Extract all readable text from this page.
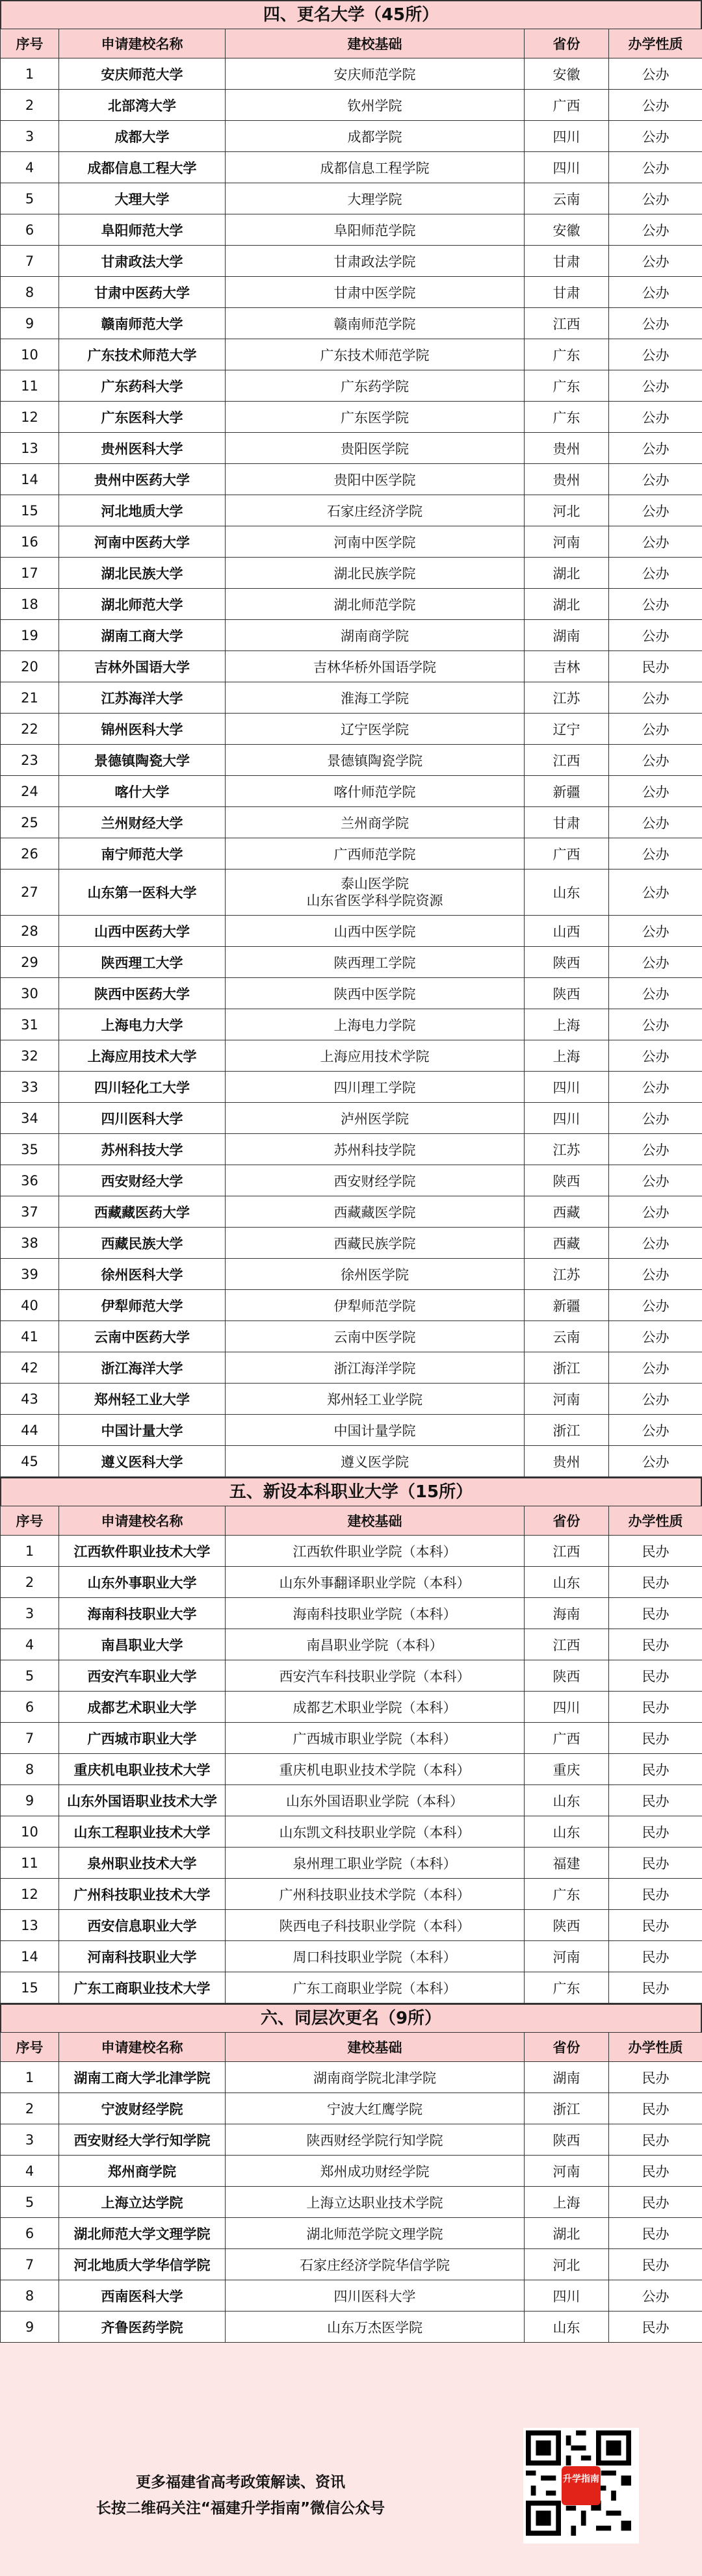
四、更名大学（45所）
序号	申请建校名称	建校基础	省份	办学性质
1	安庆师范大学	安庆师范学院	安徽	公办
2	北部湾大学	钦州学院	广西	公办
3	成都大学	成都学院	四川	公办
4	成都信息工程大学	成都信息工程学院	四川	公办
5	大理大学	大理学院	云南	公办
6	阜阳师范大学	阜阳师范学院	安徽	公办
7	甘肃政法大学	甘肃政法学院	甘肃	公办
8	甘肃中医药大学	甘肃中医学院	甘肃	公办
9	赣南师范大学	赣南师范学院	江西	公办
10	广东技术师范大学	广东技术师范学院	广东	公办
11	广东药科大学	广东药学院	广东	公办
12	广东医科大学	广东医学院	广东	公办
13	贵州医科大学	贵阳医学院	贵州	公办
14	贵州中医药大学	贵阳中医学院	贵州	公办
15	河北地质大学	石家庄经济学院	河北	公办
16	河南中医药大学	河南中医学院	河南	公办
17	湖北民族大学	湖北民族学院	湖北	公办
18	湖北师范大学	湖北师范学院	湖北	公办
19	湖南工商大学	湖南商学院	湖南	公办
20	吉林外国语大学	吉林华桥外国语学院	吉林	民办
21	江苏海洋大学	淮海工学院	江苏	公办
22	锦州医科大学	辽宁医学院	辽宁	公办
23	景德镇陶瓷大学	景德镇陶瓷学院	江西	公办
24	喀什大学	喀什师范学院	新疆	公办
25	兰州财经大学	兰州商学院	甘肃	公办
26	南宁师范大学	广西师范学院	广西	公办
27	山东第一医科大学	泰山医学院
山东省医学科学院资源	山东	公办
28	山西中医药大学	山西中医学院	山西	公办
29	陕西理工大学	陕西理工学院	陕西	公办
30	陕西中医药大学	陕西中医学院	陕西	公办
31	上海电力大学	上海电力学院	上海	公办
32	上海应用技术大学	上海应用技术学院	上海	公办
33	四川轻化工大学	四川理工学院	四川	公办
34	四川医科大学	泸州医学院	四川	公办
35	苏州科技大学	苏州科技学院	江苏	公办
36	西安财经大学	西安财经学院	陕西	公办
37	西藏藏医药大学	西藏藏医学院	西藏	公办
38	西藏民族大学	西藏民族学院	西藏	公办
39	徐州医科大学	徐州医学院	江苏	公办
40	伊犁师范大学	伊犁师范学院	新疆	公办
41	云南中医药大学	云南中医学院	云南	公办
42	浙江海洋大学	浙江海洋学院	浙江	公办
43	郑州轻工业大学	郑州轻工业学院	河南	公办
44	中国计量大学	中国计量学院	浙江	公办
45	遵义医科大学	遵义医学院	贵州	公办
五、新设本科职业大学（15所）
序号	申请建校名称	建校基础	省份	办学性质
1	江西软件职业技术大学	江西软件职业学院（本科）	江西	民办
2	山东外事职业大学	山东外事翻译职业学院（本科）	山东	民办
3	海南科技职业大学	海南科技职业学院（本科）	海南	民办
4	南昌职业大学	南昌职业学院（本科）	江西	民办
5	西安汽车职业大学	西安汽车科技职业学院（本科）	陕西	民办
6	成都艺术职业大学	成都艺术职业学院（本科）	四川	民办
7	广西城市职业大学	广西城市职业学院（本科）	广西	民办
8	重庆机电职业技术大学	重庆机电职业技术学院（本科）	重庆	民办
9	山东外国语职业技术大学	山东外国语职业学院（本科）	山东	民办
10	山东工程职业技术大学	山东凯文科技职业学院（本科）	山东	民办
11	泉州职业技术大学	泉州理工职业学院（本科）	福建	民办
12	广州科技职业技术大学	广州科技职业技术学院（本科）	广东	民办
13	西安信息职业大学	陕西电子科技职业学院（本科）	陕西	民办
14	河南科技职业大学	周口科技职业学院（本科）	河南	民办
15	广东工商职业技术大学	广东工商职业学院（本科）	广东	民办
六、同层次更名（9所）
序号	申请建校名称	建校基础	省份	办学性质
1	湖南工商大学北津学院	湖南商学院北津学院	湖南	民办
2	宁波财经学院	宁波大红鹰学院	浙江	民办
3	西安财经大学行知学院	陕西财经学院行知学院	陕西	民办
4	郑州商学院	郑州成功财经学院	河南	民办
5	上海立达学院	上海立达职业技术学院	上海	民办
6	湖北师范大学文理学院	湖北师范学院文理学院	湖北	民办
7	河北地质大学华信学院	石家庄经济学院华信学院	河北	民办
8	西南医科大学	四川医科大学	四川	公办
9	齐鲁医药学院	山东万杰医学院	山东	民办
更多福建省高考政策解读、资讯
长按二维码关注“福建升学指南”微信公众号
升学指南
